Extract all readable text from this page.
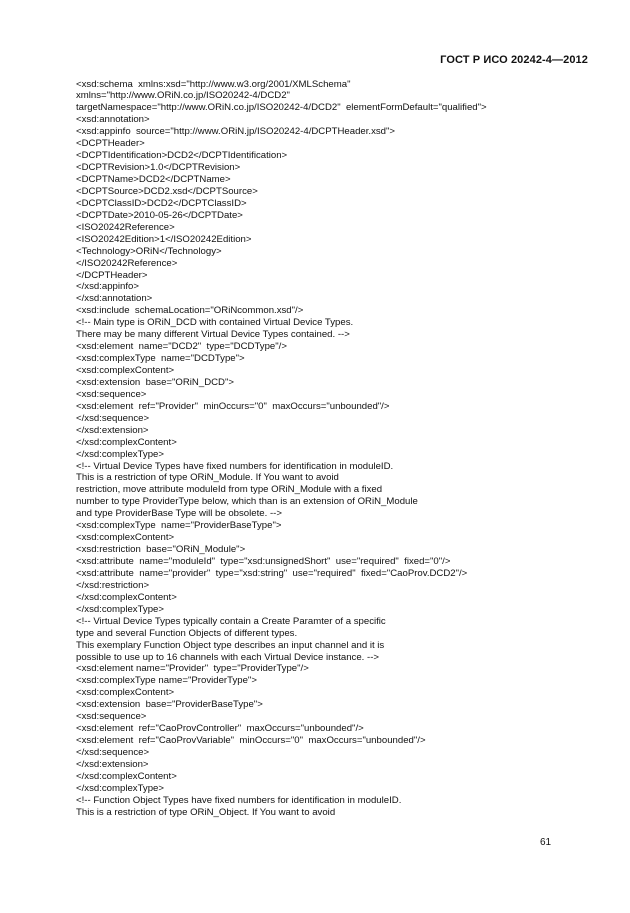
ГОСТ Р ИСО 20242-4—2012
<xsd:schema  xmlns:xsd="http://www.w3.org/2001/XMLSchema"
xmlns="http://www.ORiN.co.jp/ISO20242-4/DCD2"
targetNamespace="http://www.ORiN.co.jp/ISO20242-4/DCD2"  elementFormDefault="qualified">
<xsd:annotation>
<xsd:appinfo  source="http://www.ORiN.jp/ISO20242-4/DCPTHeader.xsd">
<DCPTHeader>
<DCPTIdentification>DCD2</DCPTIdentification>
<DCPTRevision>1.0</DCPTRevision>
<DCPTName>DCD2</DCPTName>
<DCPTSource>DCD2.xsd</DCPTSource>
<DCPTClassID>DCD2</DCPTClassID>
<DCPTDate>2010-05-26</DCPTDate>
<ISO20242Reference>
<ISO20242Edition>1</ISO20242Edition>
<Technology>ORiN</Technology>
</ISO20242Reference>
</DCPTHeader>
</xsd:appinfo>
</xsd:annotation>
<xsd:include  schemaLocation="ORiNcommon.xsd"/>
<!-- Main type is ORiN_DCD with contained Virtual Device Types.
There may be many different Virtual Device Types contained. -->
<xsd:element  name="DCD2"  type="DCDType"/>
<xsd:complexType  name="DCDType">
<xsd:complexContent>
<xsd:extension  base="ORiN_DCD">
<xsd:sequence>
<xsd:element  ref="Provider"  minOccurs="0"  maxOccurs="unbounded"/>
</xsd:sequence>
</xsd:extension>
</xsd:complexContent>
</xsd:complexType>
<!-- Virtual Device Types have fixed numbers for identification in moduleID.
This is a restriction of type ORiN_Module. If You want to avoid
restriction, move attribute moduleId from type ORiN_Module with a fixed
number to type ProviderType below, which than is an extension of ORiN_Module
and type ProviderBase Type will be obsolete. -->
<xsd:complexType  name="ProviderBaseType">
<xsd:complexContent>
<xsd:restriction  base="ORiN_Module">
<xsd:attribute  name="moduleId"  type="xsd:unsignedShort"  use="required"  fixed="0"/>
<xsd:attribute  name="provider"  type="xsd:string"  use="required"  fixed="CaoProv.DCD2"/>
</xsd:restriction>
</xsd:complexContent>
</xsd:complexType>
<!-- Virtual Device Types typically contain a Create Paramter of a specific
type and several Function Objects of different types.
This exemplary Function Object type describes an input channel and it is
possible to use up to 16 channels with each Virtual Device instance. -->
<xsd:element name="Provider"  type="ProviderType"/>
<xsd:complexType name="ProviderType">
<xsd:complexContent>
<xsd:extension  base="ProviderBaseType">
<xsd:sequence>
<xsd:element  ref="CaoProvController"  maxOccurs="unbounded"/>
<xsd:element  ref="CaoProvVariable"  minOccurs="0"  maxOccurs="unbounded"/>
</xsd:sequence>
</xsd:extension>
</xsd:complexContent>
</xsd:complexType>
<!-- Function Object Types have fixed numbers for identification in moduleID.
This is a restriction of type ORiN_Object. If You want to avoid
61
